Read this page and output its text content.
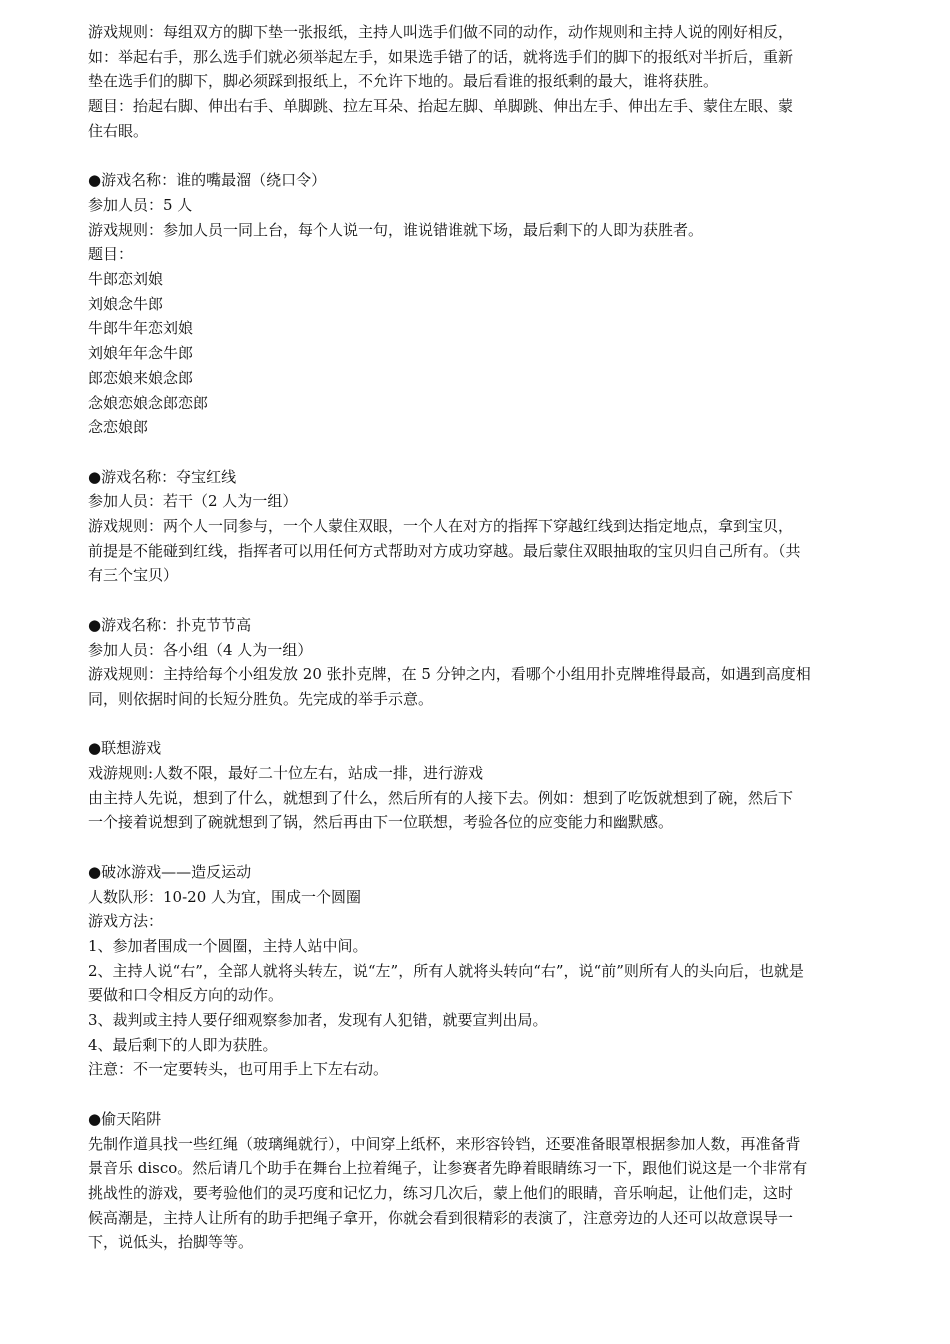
游戏规则：每组双方的脚下垫一张报纸，主持人叫选手们做不同的动作，动作规则和主持人说的刚好相反，
如：举起右手，那么选手们就必须举起左手，如果选手错了的话，就将选手们的脚下的报纸对半折后，重新
垫在选手们的脚下，脚必须踩到报纸上，不允许下地的。最后看谁的报纸剩的最大，谁将获胜。
题目：抬起右脚、伸出右手、单脚跳、拉左耳朵、抬起左脚、单脚跳、伸出左手、伸出左手、蒙住左眼、蒙
住右眼。
●游戏名称：谁的嘴最溜（绕口令）
参加人员：5 人
游戏规则：参加人员一同上台，每个人说一句，谁说错谁就下场，最后剩下的人即为获胜者。
题目：
牛郎恋刘娘
刘娘念牛郎
牛郎牛年恋刘娘
刘娘年年念牛郎
郎恋娘来娘念郎
念娘恋娘念郎恋郎
念恋娘郎
●游戏名称：夺宝红线
参加人员：若干（2 人为一组）
游戏规则：两个人一同参与，一个人蒙住双眼，一个人在对方的指挥下穿越红线到达指定地点，拿到宝贝，
前提是不能碰到红线，指挥者可以用任何方式帮助对方成功穿越。最后蒙住双眼抽取的宝贝归自己所有。（共
有三个宝贝）
●游戏名称：扑克节节高
参加人员：各小组（4 人为一组）
游戏规则：主持给每个小组发放 20 张扑克牌，在 5 分钟之内，看哪个小组用扑克牌堆得最高，如遇到高度相
同，则依据时间的长短分胜负。先完成的举手示意。
●联想游戏
戏游规则:人数不限，最好二十位左右，站成一排，进行游戏
由主持人先说，想到了什么，就想到了什么，然后所有的人接下去。例如：想到了吃饭就想到了碗，然后下
一个接着说想到了碗就想到了锅，然后再由下一位联想，考验各位的应变能力和幽默感。
●破冰游戏——造反运动
人数队形：10-20 人为宜，围成一个圆圈
游戏方法：
1、参加者围成一个圆圈，主持人站中间。
2、主持人说“右”，全部人就将头转左，说“左”，所有人就将头转向“右”，说“前”则所有人的头向后，也就是
要做和口令相反方向的动作。
3、裁判或主持人要仔细观察参加者，发现有人犯错，就要宣判出局。
4、最后剩下的人即为获胜。
注意：不一定要转头，也可用手上下左右动。
●偷天陷阱
先制作道具找一些红绳（玻璃绳就行），中间穿上纸杯，来形容铃铛，还要准备眼罩根据参加人数，再准备背
景音乐 disco。然后请几个助手在舞台上拉着绳子，让参赛者先睁着眼睛练习一下，跟他们说这是一个非常有
挑战性的游戏，要考验他们的灵巧度和记忆力，练习几次后，蒙上他们的眼睛，音乐响起，让他们走，这时
候高潮是，主持人让所有的助手把绳子拿开，你就会看到很精彩的表演了，注意旁边的人还可以故意误导一
下，说低头，抬脚等等。
